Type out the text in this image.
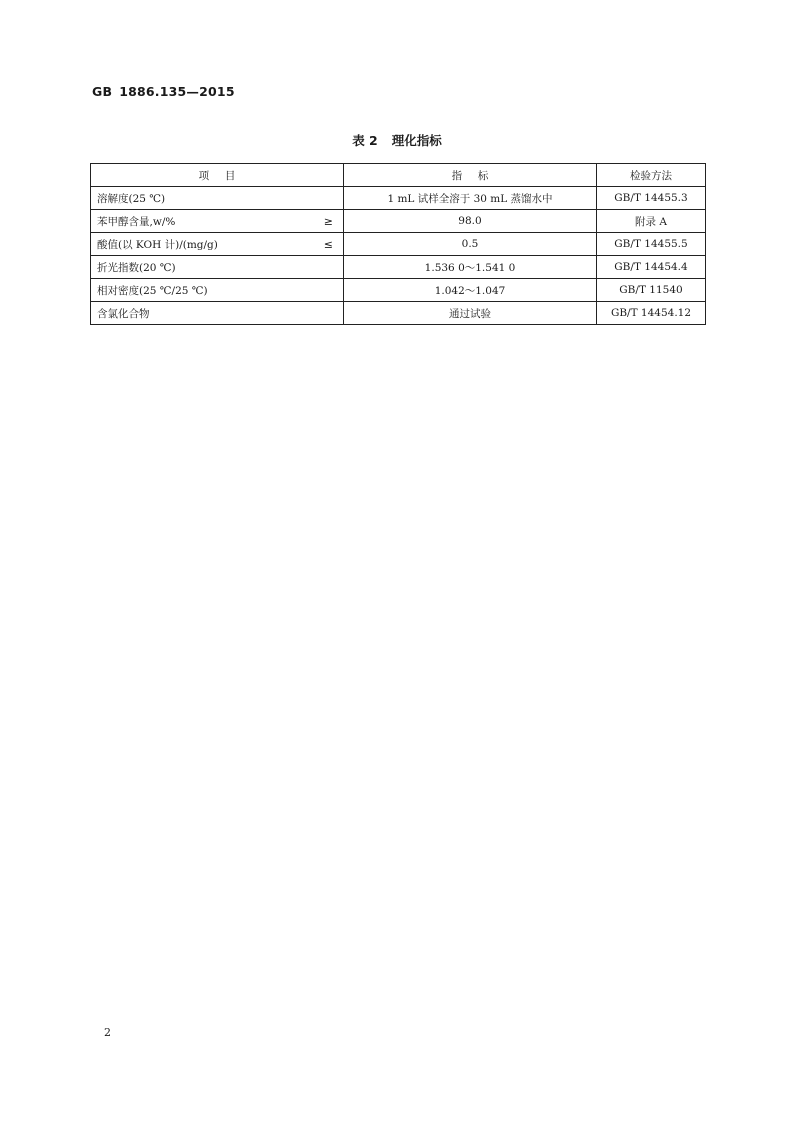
GB 1886.135—2015
表 2 理化指标
项目	指标	检验方法

溶解度(25 ℃)	1 mL 试样全溶于 30 mL 蒸馏水中	GB/T 14455.3

苯甲醇含量,w/% ≥	98.0	附录 A

酸值(以 KOH 计)/(mg/g) ≤	0.5	GB/T 14455.5

折光指数(20 ℃)	1.536 0～1.541 0	GB/T 14454.4

相对密度(25 ℃/25 ℃)	1.042～1.047	GB/T 11540

含氯化合物	通过试验	GB/T 14454.12
2
